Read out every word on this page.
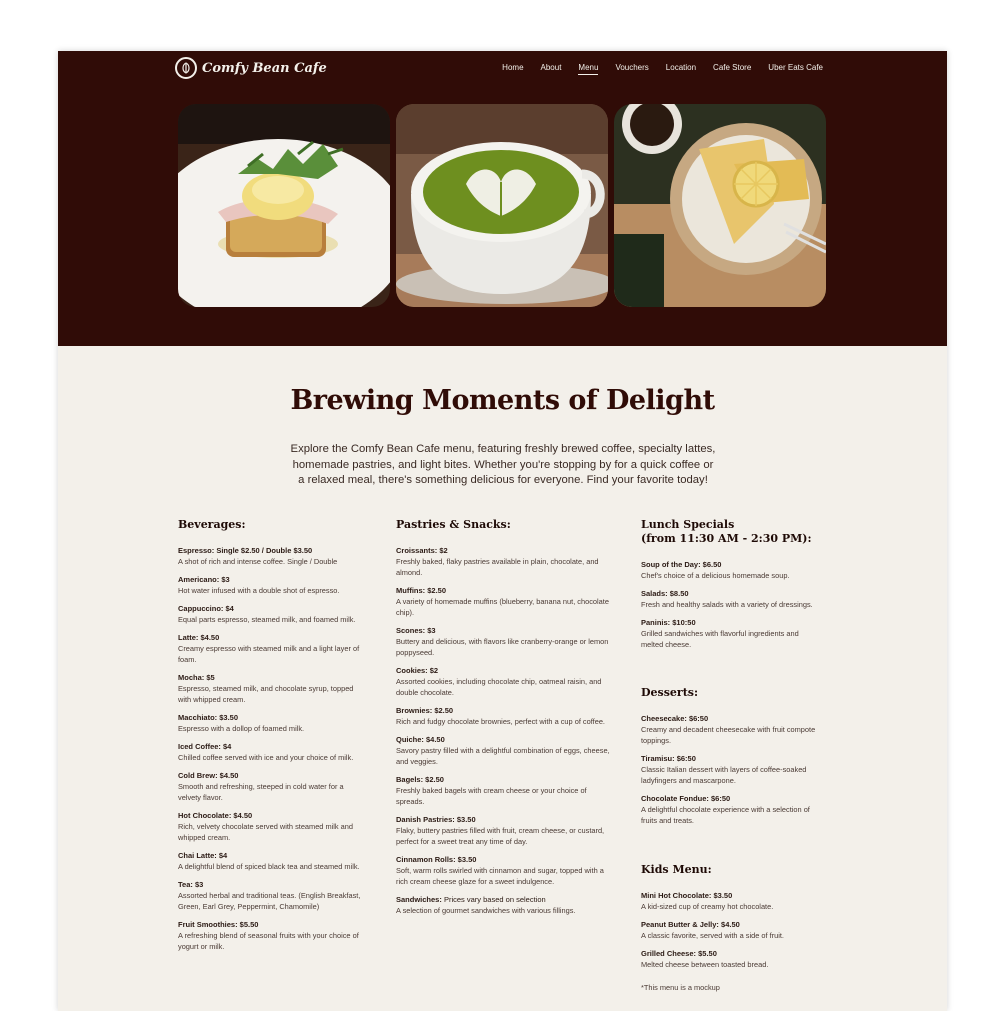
Comfy Bean Cafe	Home About Menu Vouchers Location Cafe Store Uber Eats Cafe
Brewing Moments of Delight

Explore the Comfy Bean Cafe menu, featuring freshly brewed coffee, specialty lattes, homemade pastries, and light bites. Whether you're stopping by for a quick coffee or a relaxed meal, there's something delicious for everyone. Find your favorite today!

Beverages:
Espresso: Single $2.50 / Double $3.50
A shot of rich and intense coffee. Single / Double
Americano: $3
Hot water infused with a double shot of espresso.
Cappuccino: $4
Equal parts espresso, steamed milk, and foamed milk.
Latte: $4.50
Creamy espresso with steamed milk and a light layer of foam.
Mocha: $5
Espresso, steamed milk, and chocolate syrup, topped with whipped cream.
Macchiato: $3.50
Espresso with a dollop of foamed milk.
Iced Coffee: $4
Chilled coffee served with ice and your choice of milk.
Cold Brew: $4.50
Smooth and refreshing, steeped in cold water for a velvety flavor.
Hot Chocolate: $4.50
Rich, velvety chocolate served with steamed milk and whipped cream.
Chai Latte: $4
A delightful blend of spiced black tea and steamed milk.
Tea: $3
Assorted herbal and traditional teas. (English Breakfast, Green, Earl Grey, Peppermint, Chamomile)
Fruit Smoothies: $5.50
A refreshing blend of seasonal fruits with your choice of yogurt or milk.
Pastries & Snacks:
Croissants: $2
Freshly baked, flaky pastries available in plain, chocolate, and almond.
Muffins: $2.50
A variety of homemade muffins (blueberry, banana nut, chocolate chip).
Scones: $3
Buttery and delicious, with flavors like cranberry-orange or lemon poppyseed.
Cookies: $2
Assorted cookies, including chocolate chip, oatmeal raisin, and double chocolate.
Brownies: $2.50
Rich and fudgy chocolate brownies, perfect with a cup of coffee.
Quiche: $4.50
Savory pastry filled with a delightful combination of eggs, cheese, and veggies.
Bagels: $2.50
Freshly baked bagels with cream cheese or your choice of spreads.
Danish Pastries: $3.50
Flaky, buttery pastries filled with fruit, cream cheese, or custard, perfect for a sweet treat any time of day.
Cinnamon Rolls: $3.50
Soft, warm rolls swirled with cinnamon and sugar, topped with a rich cream cheese glaze for a sweet indulgence.
Sandwiches: Prices vary based on selection
A selection of gourmet sandwiches with various fillings.
Lunch Specials
(from 11:30 AM - 2:30 PM):
Soup of the Day: $6.50
Chef's choice of a delicious homemade soup.
Salads: $8.50
Fresh and healthy salads with a variety of dressings.
Paninis: $10:50
Grilled sandwiches with flavorful ingredients and melted cheese.
Desserts:
Cheesecake: $6:50
Creamy and decadent cheesecake with fruit compote toppings.
Tiramisu: $6:50
Classic Italian dessert with layers of coffee-soaked ladyfingers and mascarpone.
Chocolate Fondue: $6:50
A delightful chocolate experience with a selection of fruits and treats.
Kids Menu:
Mini Hot Chocolate: $3.50
A kid-sized cup of creamy hot chocolate.
Peanut Butter & Jelly: $4.50
A classic favorite, served with a side of fruit.
Grilled Cheese: $5.50
Melted cheese between toasted bread.
*This menu is a mockup
